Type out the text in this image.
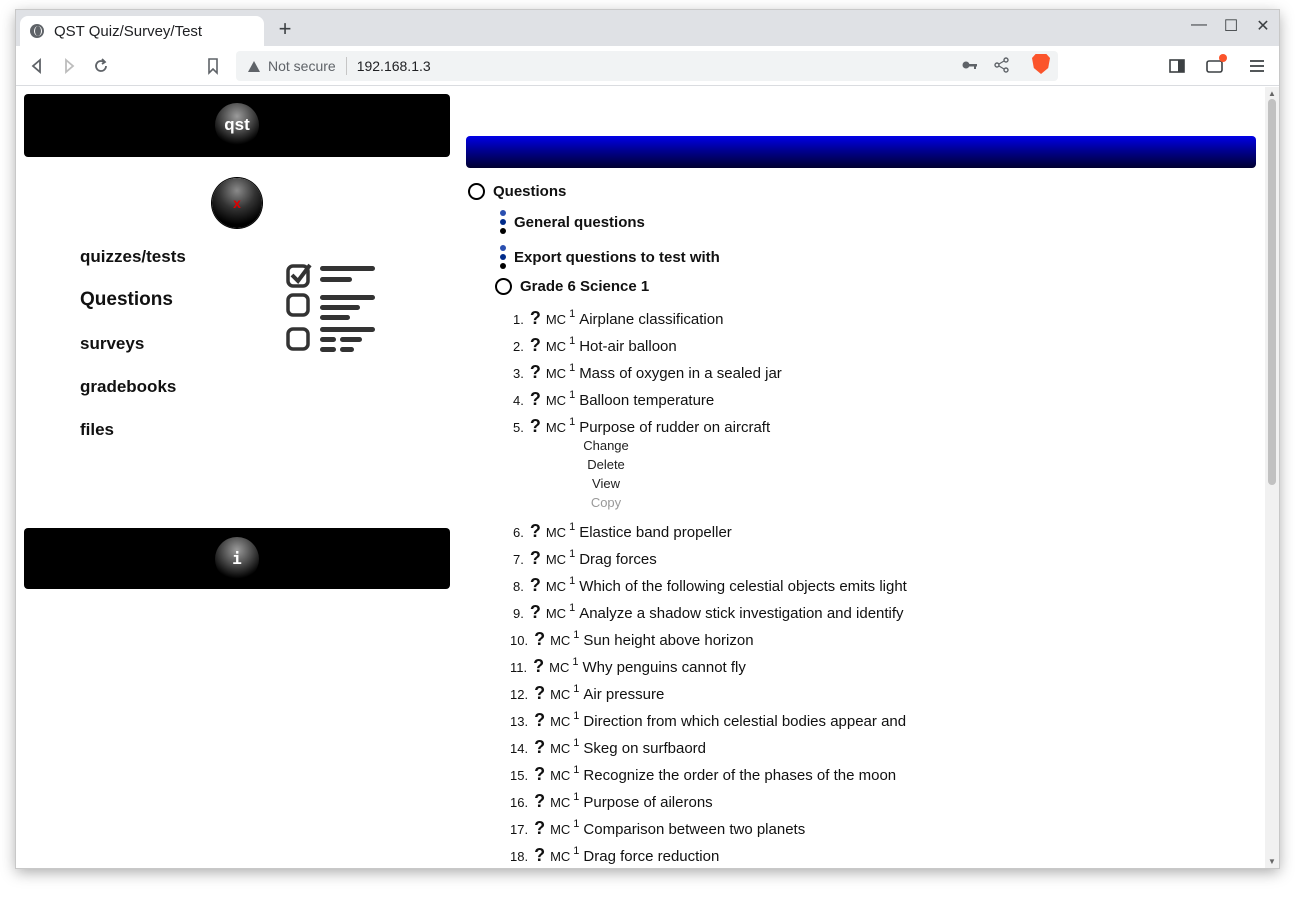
QST Quiz/Survey/Test	+	—	☐	✕
Not secure 192.168.1.3
qst
x
quizzes/tests
Questions
surveys
gradebooks
files
i
Questions
General questions
Export questions to test with
Grade 6 Science 1
1. ? MC 1 Airplane classification
2. ? MC 1 Hot-air balloon
3. ? MC 1 Mass of oxygen in a sealed jar
4. ? MC 1 Balloon temperature
5. ? MC 1 Purpose of rudder on aircraft
6. ? MC 1 Elastice band propeller
7. ? MC 1 Drag forces
8. ? MC 1 Which of the following celestial objects emits light
9. ? MC 1 Analyze a shadow stick investigation and identify
10. ? MC 1 Sun height above horizon
11. ? MC 1 Why penguins cannot fly
12. ? MC 1 Air pressure
13. ? MC 1 Direction from which celestial bodies appear and
14. ? MC 1 Skeg on surfbaord
15. ? MC 1 Recognize the order of the phases of the moon
16. ? MC 1 Purpose of ailerons
17. ? MC 1 Comparison between two planets
18. ? MC 1 Drag force reduction
Change
Delete
View
Copy
▲
▼
